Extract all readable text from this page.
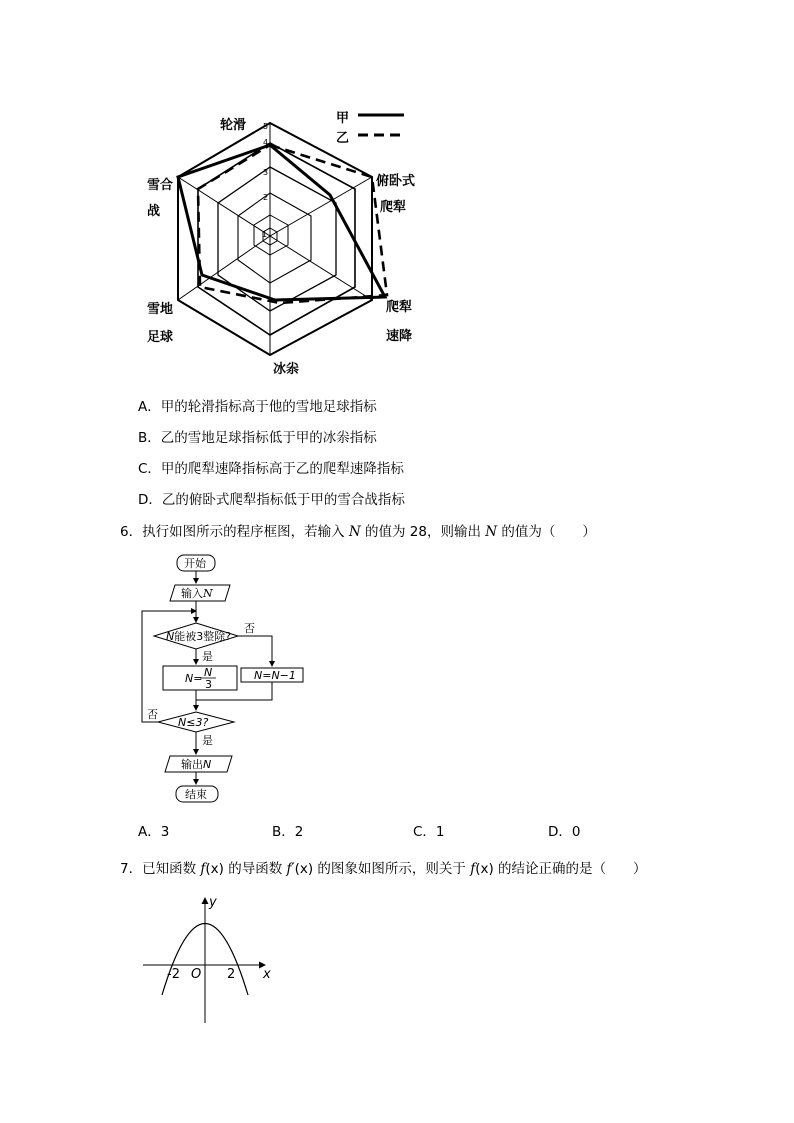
1
2
3
4
5
甲
乙
轮滑
雪合
战
俯卧式
爬犁
雪地
足球
爬犁
速降
冰尜
A．甲的轮滑指标高于他的雪地足球指标
B．乙的雪地足球指标低于甲的冰尜指标
C．甲的爬犁速降指标高于乙的爬犁速降指标
D．乙的俯卧式爬犁指标低于甲的雪合战指标
6．执行如图所示的程序框图，若输入 N 的值为 28，则输出 N 的值为（　　）
开始
输入N
N能被3整除?
否
是
N= N
3
N=N−1
N≤3?
否
是
输出N
结束
A．3	B．2	C．1	D．0
7．已知函数 f(x) 的导函数 f′(x) 的图象如图所示，则关于 f(x) 的结论正确的是（　　）
y
x
O
-2	2
